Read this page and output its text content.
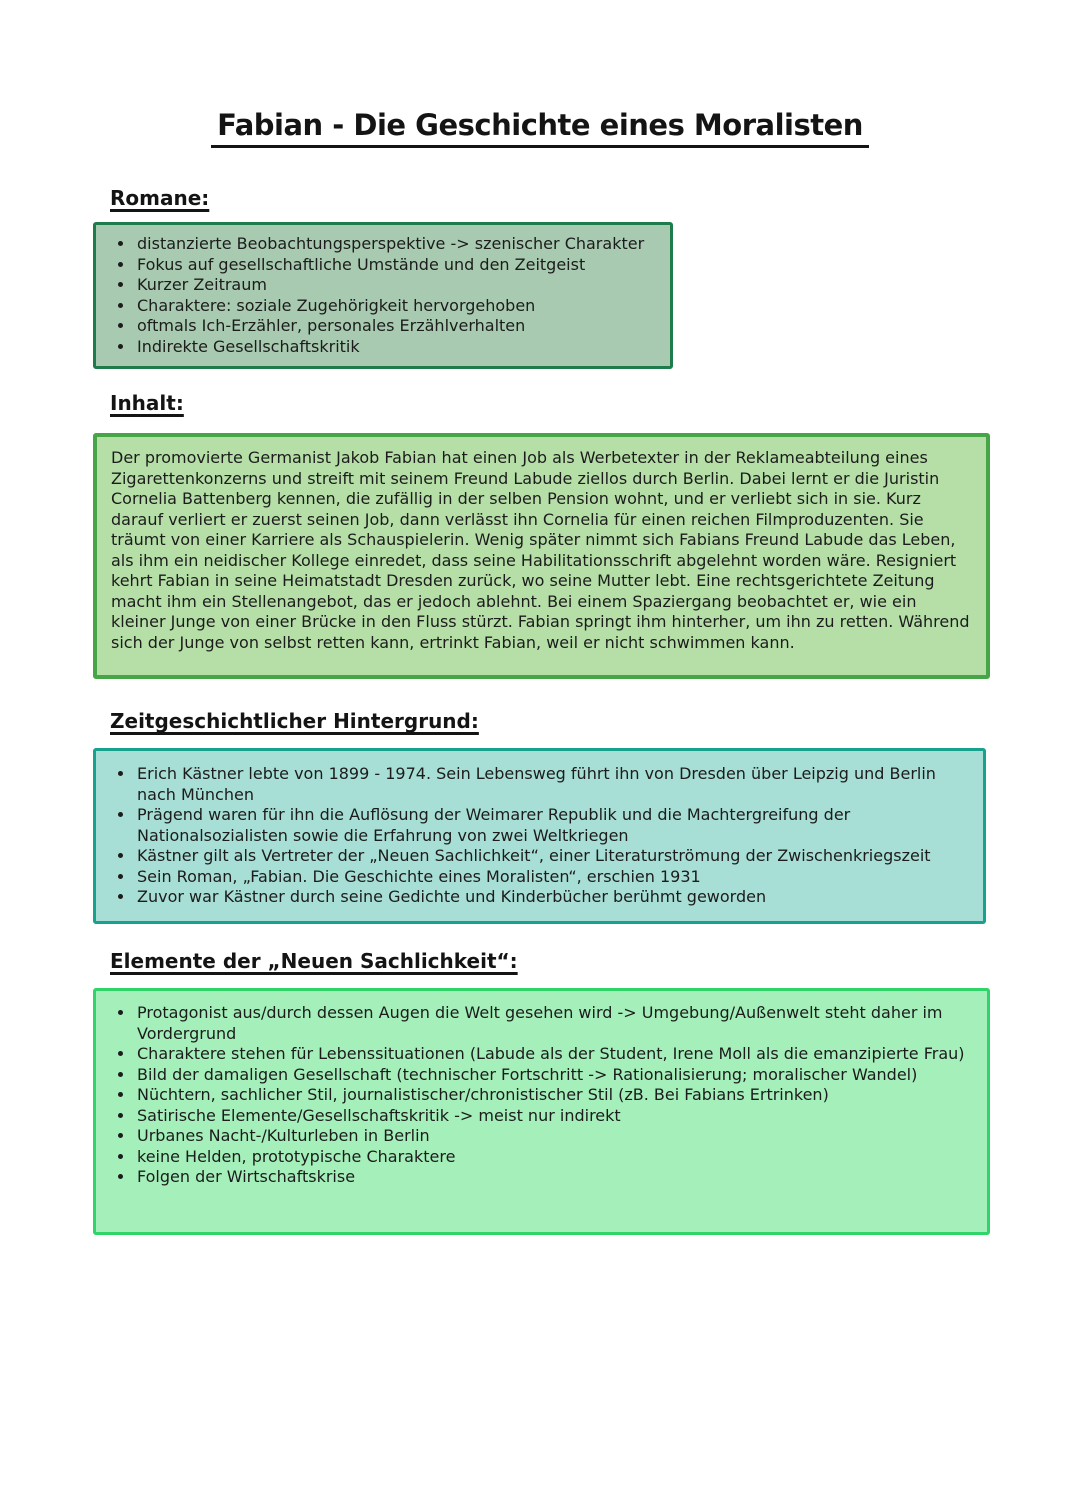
Fabian - Die Geschichte eines Moralisten
Romane:
• distanzierte Beobachtungsperspektive -> szenischer Charakter
• Fokus auf gesellschaftliche Umstände und den Zeitgeist
• Kurzer Zeitraum
• Charaktere: soziale Zugehörigkeit hervorgehoben
• oftmals Ich-Erzähler, personales Erzählverhalten
• Indirekte Gesellschaftskritik
Inhalt:

Der promovierte Germanist Jakob Fabian hat einen Job als Werbetexter in der Reklameabteilung eines Zigarettenkonzerns und streift mit seinem Freund Labude ziellos durch Berlin. Dabei lernt er die Juristin Cornelia Battenberg kennen, die zufällig in der selben Pension wohnt, und er verliebt sich in sie. Kurz darauf verliert er zuerst seinen Job, dann verlässt ihn Cornelia für einen reichen Filmproduzenten. Sie träumt von einer Karriere als Schauspielerin. Wenig später nimmt sich Fabians Freund Labude das Leben, als ihm ein neidischer Kollege einredet, dass seine Habilitationsschrift abgelehnt worden wäre. Resigniert kehrt Fabian in seine Heimatstadt Dresden zurück, wo seine Mutter lebt. Eine rechtsgerichtete Zeitung macht ihm ein Stellenangebot, das er jedoch ablehnt. Bei einem Spaziergang beobachtet er, wie ein kleiner Junge von einer Brücke in den Fluss stürzt. Fabian springt ihm hinterher, um ihn zu retten. Während sich der Junge von selbst retten kann, ertrinkt Fabian, weil er nicht schwimmen kann.

Zeitgeschichtlicher Hintergrund:
• Erich Kästner lebte von 1899 - 1974. Sein Lebensweg führt ihn von Dresden über Leipzig und Berlin nach München
• Prägend waren für ihn die Auflösung der Weimarer Republik und die Machtergreifung der Nationalsozialisten sowie die Erfahrung von zwei Weltkriegen
• Kästner gilt als Vertreter der „Neuen Sachlichkeit“, einer Literaturströmung der Zwischenkriegszeit
• Sein Roman, „Fabian. Die Geschichte eines Moralisten“, erschien 1931
• Zuvor war Kästner durch seine Gedichte und Kinderbücher berühmt geworden
Elemente der „Neuen Sachlichkeit“:
• Protagonist aus/durch dessen Augen die Welt gesehen wird -> Umgebung/Außenwelt steht daher im Vordergrund
• Charaktere stehen für Lebenssituationen (Labude als der Student, Irene Moll als die emanzipierte Frau)
• Bild der damaligen Gesellschaft (technischer Fortschritt -> Rationalisierung; moralischer Wandel)
• Nüchtern, sachlicher Stil, journalistischer/chronistischer Stil (zB. Bei Fabians Ertrinken)
• Satirische Elemente/Gesellschaftskritik -> meist nur indirekt
• Urbanes Nacht-/Kulturleben in Berlin
• keine Helden, prototypische Charaktere
• Folgen der Wirtschaftskrise
